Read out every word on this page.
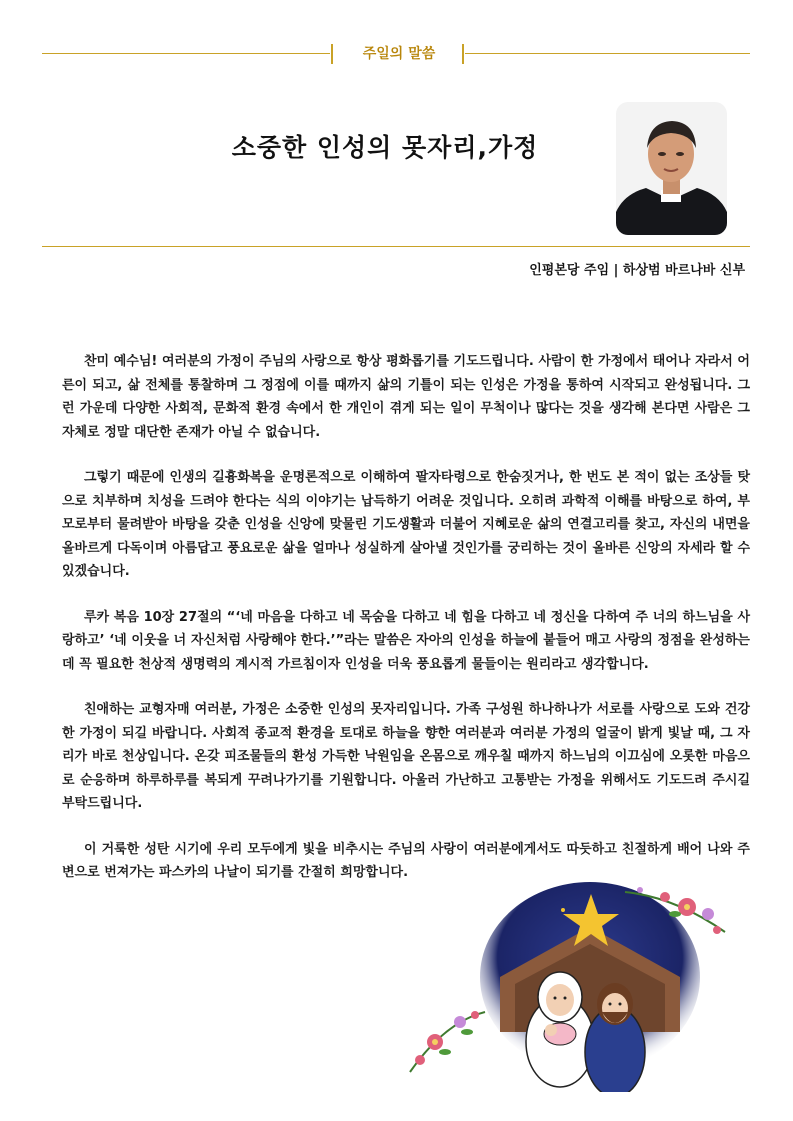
주일의 말씀
소중한 인성의 못자리,가정
인평본당 주임 | 하상범 바르나바 신부

찬미 예수님! 여러분의 가정이 주님의 사랑으로 항상 평화롭기를 기도드립니다. 사람이 한 가정에서 태어나 자라서 어른이 되고, 삶 전체를 통찰하며 그 정점에 이를 때까지 삶의 기틀이 되는 인성은 가정을 통하여 시작되고 완성됩니다. 그런 가운데 다양한 사회적, 문화적 환경 속에서 한 개인이 겪게 되는 일이 무척이나 많다는 것을 생각해 본다면 사람은 그 자체로 정말 대단한 존재가 아닐 수 없습니다.

그렇기 때문에 인생의 길흉화복을 운명론적으로 이해하여 팔자타령으로 한숨짓거나, 한 번도 본 적이 없는 조상들 탓으로 치부하며 치성을 드려야 한다는 식의 이야기는 납득하기 어려운 것입니다. 오히려 과학적 이해를 바탕으로 하여, 부모로부터 물려받아 바탕을 갖춘 인성을 신앙에 맞물린 기도생활과 더불어 지혜로운 삶의 연결고리를 찾고, 자신의 내면을 올바르게 다독이며 아름답고 풍요로운 삶을 얼마나 성실하게 살아낼 것인가를 궁리하는 것이 올바른 신앙의 자세라 할 수 있겠습니다.

루카 복음 10장 27절의 “‘네 마음을 다하고 네 목숨을 다하고 네 힘을 다하고 네 정신을 다하여 주 너의 하느님을 사랑하고’ ‘네 이웃을 너 자신처럼 사랑해야 한다.’”라는 말씀은 자아의 인성을 하늘에 붙들어 매고 사랑의 정점을 완성하는데 꼭 필요한 천상적 생명력의 계시적 가르침이자 인성을 더욱 풍요롭게 물들이는 원리라고 생각합니다.

친애하는 교형자매 여러분, 가정은 소중한 인성의 못자리입니다. 가족 구성원 하나하나가 서로를 사랑으로 도와 건강한 가정이 되길 바랍니다. 사회적 종교적 환경을 토대로 하늘을 향한 여러분과 여러분 가정의 얼굴이 밝게 빛날 때, 그 자리가 바로 천상입니다. 온갖 피조물들의 환성 가득한 낙원임을 온몸으로 깨우칠 때까지 하느님의 이끄심에 오롯한 마음으로 순응하며 하루하루를 복되게 꾸려나가기를 기원합니다. 아울러 가난하고 고통받는 가정을 위해서도 기도드려 주시길 부탁드립니다.

이 거룩한 성탄 시기에 우리 모두에게 빛을 비추시는 주님의 사랑이 여러분에게서도 따듯하고 친절하게 배어 나와 주변으로 번져가는 파스카의 나날이 되기를 간절히 희망합니다.
